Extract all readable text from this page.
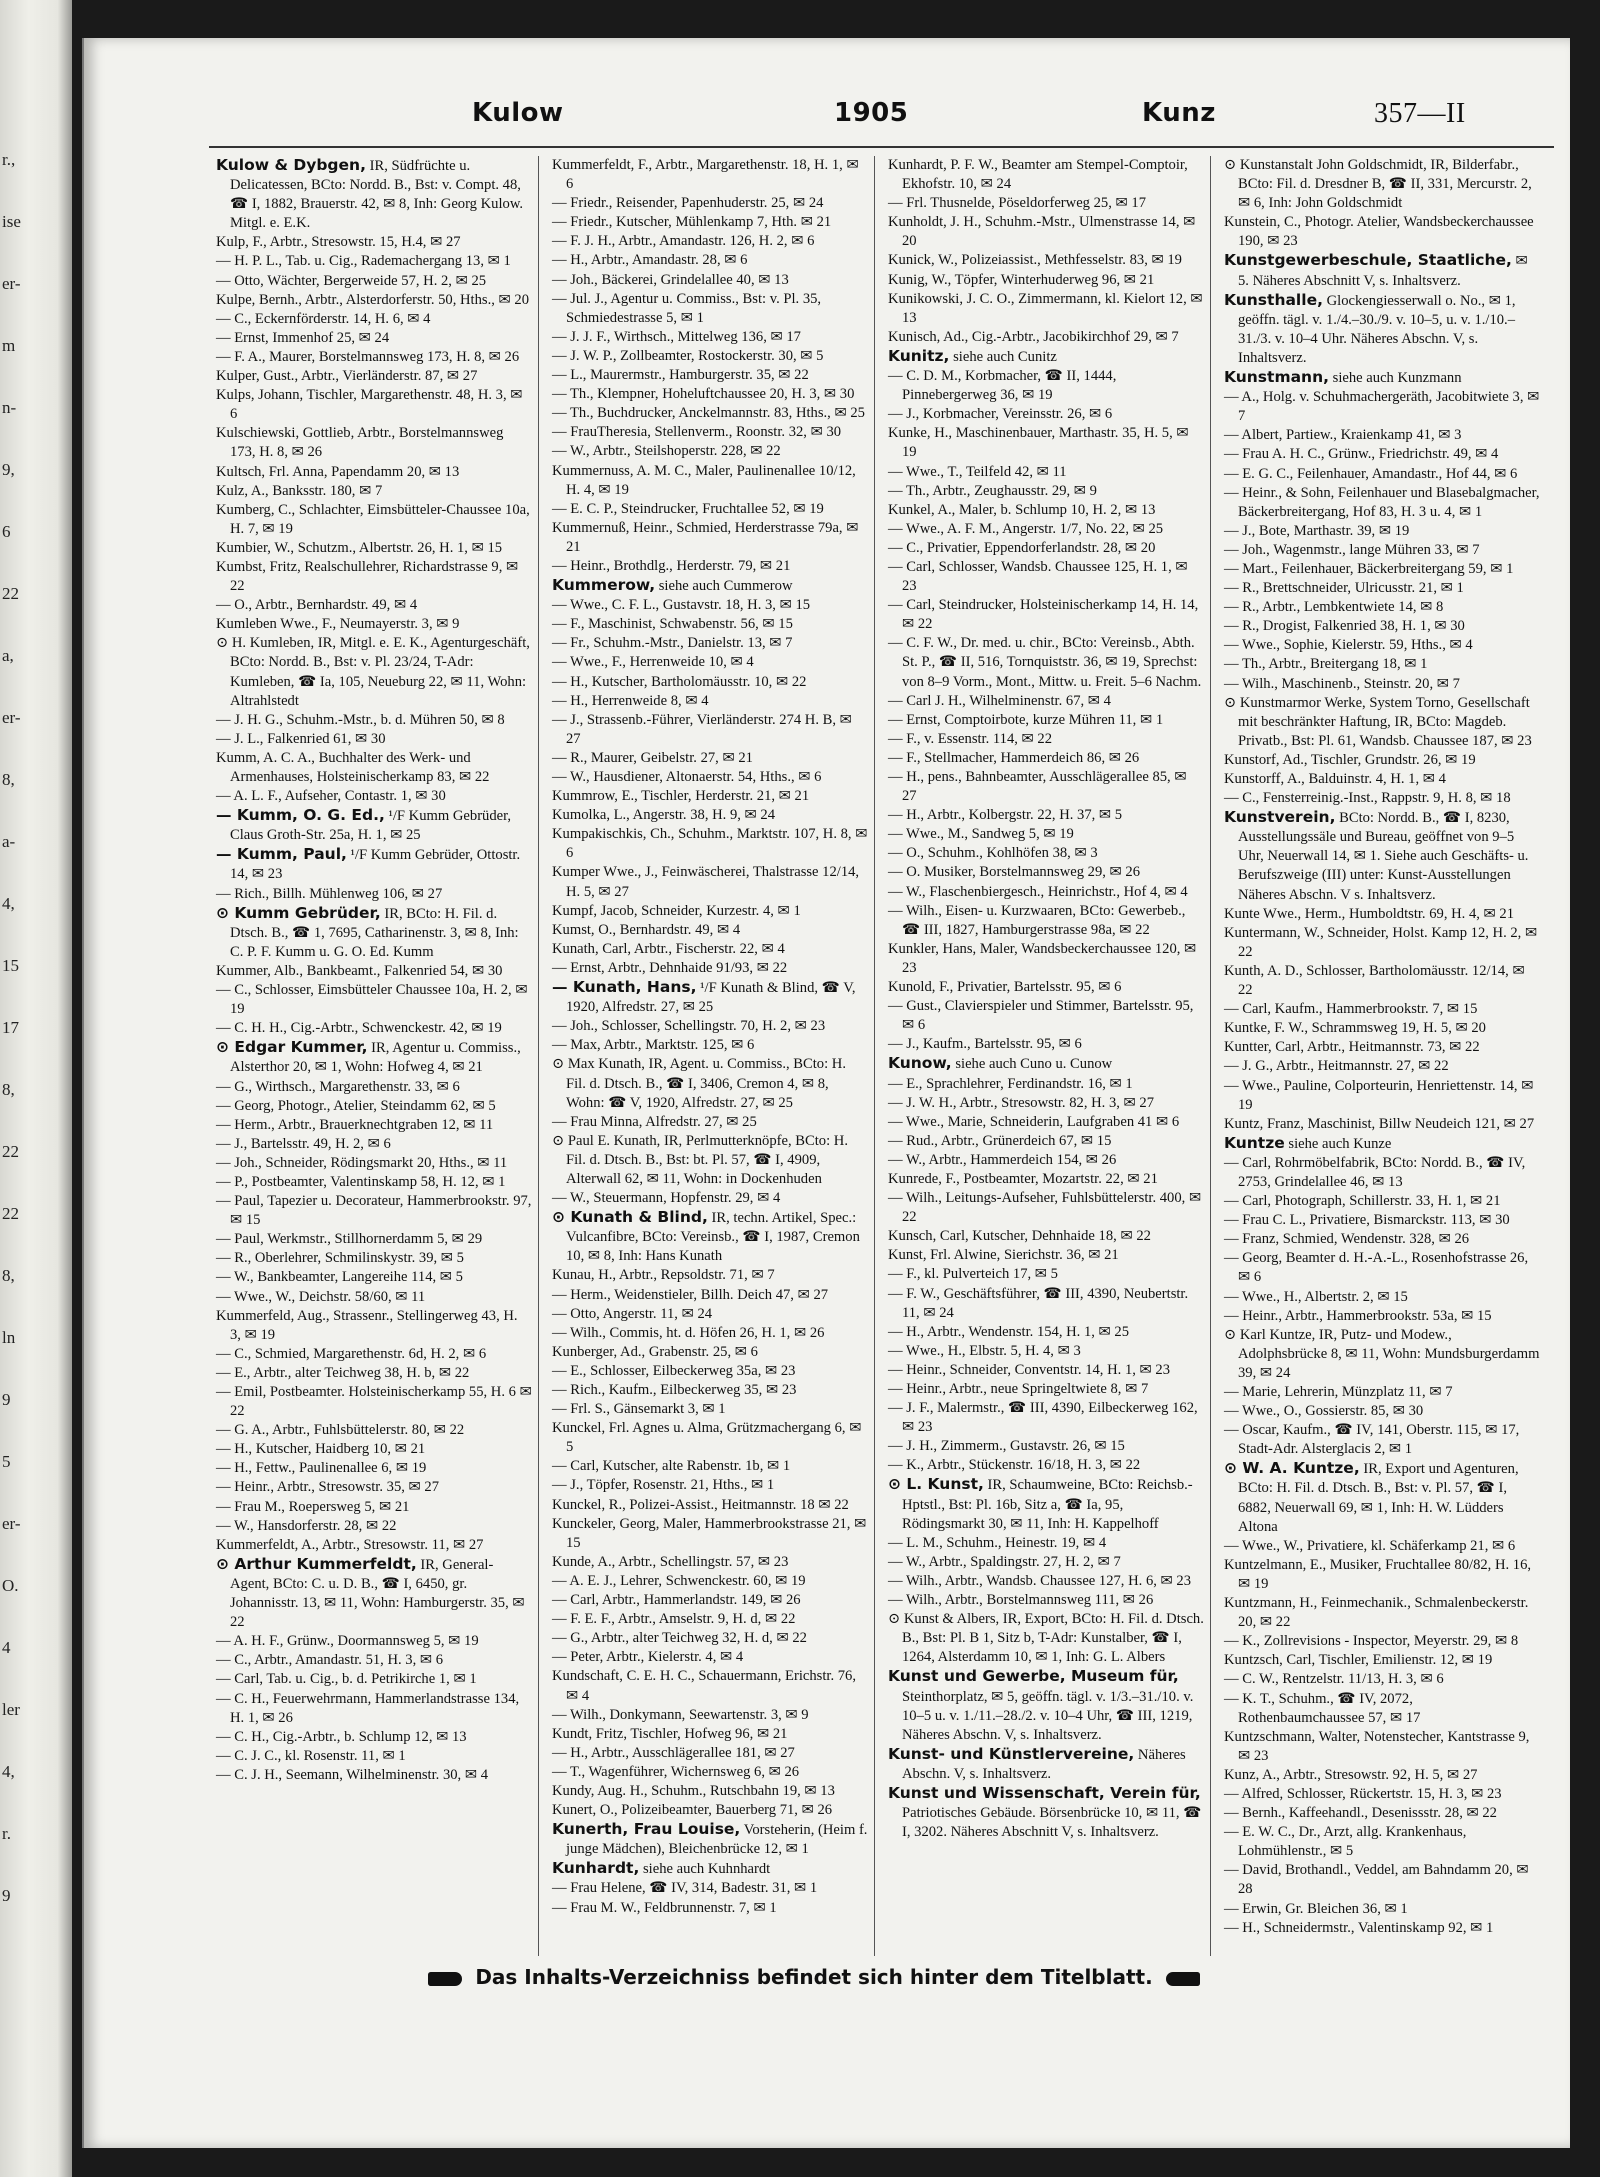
r.,
ise
er-
m
n-
9,
6
22
a,
er-
8,
a-
4,
15
17
8,
22
22
8,
ln
9
5
er-
O.
4
ler
4,
r.
9
Kulow	1905	Kunz	357—II

Kulow & Dybgen, IR, Südfrüchte u. Delicatessen, BCto: Nordd. B., Bst: v. Compt. 48, ☎ I, 1882, Brauerstr. 42, ✉ 8, Inh: Georg Kulow. Mitgl. e. E.K.

Kulp, F., Arbtr., Stresowstr. 15, H.4, ✉ 27

— H. P. L., Tab. u. Cig., Rademachergang 13, ✉ 1

— Otto, Wächter, Bergerweide 57, H. 2, ✉ 25

Kulpe, Bernh., Arbtr., Alsterdorferstr. 50, Hths., ✉ 20

— C., Eckernförderstr. 14, H. 6, ✉ 4

— Ernst, Immenhof 25, ✉ 24

— F. A., Maurer, Borstelmannsweg 173, H. 8, ✉ 26

Kulper, Gust., Arbtr., Vierländerstr. 87, ✉ 27

Kulps, Johann, Tischler, Margarethenstr. 48, H. 3, ✉ 6

Kulschiewski, Gottlieb, Arbtr., Borstelmannsweg 173, H. 8, ✉ 26

Kultsch, Frl. Anna, Papendamm 20, ✉ 13

Kulz, A., Banksstr. 180, ✉ 7

Kumberg, C., Schlachter, Eimsbütteler-Chaussee 10a, H. 7, ✉ 19

Kumbier, W., Schutzm., Albertstr. 26, H. 1, ✉ 15

Kumbst, Fritz, Realschullehrer, Richardstrasse 9, ✉ 22

— O., Arbtr., Bernhardstr. 49, ✉ 4

Kumleben Wwe., F., Neumayerstr. 3, ✉ 9

⊙ H. Kumleben, IR, Mitgl. e. E. K., Agenturgeschäft, BCto: Nordd. B., Bst: v. Pl. 23/24, T-Adr: Kumleben, ☎ Ia, 105, Neueburg 22, ✉ 11, Wohn: Altrahlstedt

— J. H. G., Schuhm.-Mstr., b. d. Mühren 50, ✉ 8

— J. L., Falkenried 61, ✉ 30

Kumm, A. C. A., Buchhalter des Werk- und Armenhauses, Holsteinischerkamp 83, ✉ 22

— A. L. F., Aufseher, Contastr. 1, ✉ 30

— Kumm, O. G. Ed., ¹/F Kumm Gebrüder, Claus Groth-Str. 25a, H. 1, ✉ 25

— Kumm, Paul, ¹/F Kumm Gebrüder, Ottostr. 14, ✉ 23

— Rich., Billh. Mühlenweg 106, ✉ 27

⊙ Kumm Gebrüder, IR, BCto: H. Fil. d. Dtsch. B., ☎ 1, 7695, Catharinenstr. 3, ✉ 8, Inh: C. P. F. Kumm u. G. O. Ed. Kumm

Kummer, Alb., Bankbeamt., Falkenried 54, ✉ 30

— C., Schlosser, Eimsbütteler Chaussee 10a, H. 2, ✉ 19

— C. H. H., Cig.-Arbtr., Schwenckestr. 42, ✉ 19

⊙ Edgar Kummer, IR, Agentur u. Commiss., Alsterthor 20, ✉ 1, Wohn: Hofweg 4, ✉ 21

— G., Wirthsch., Margarethenstr. 33, ✉ 6

— Georg, Photogr., Atelier, Steindamm 62, ✉ 5

— Herm., Arbtr., Brauerknechtgraben 12, ✉ 11

— J., Bartelsstr. 49, H. 2, ✉ 6

— Joh., Schneider, Rödingsmarkt 20, Hths., ✉ 11

— P., Postbeamter, Valentinskamp 58, H. 12, ✉ 1

— Paul, Tapezier u. Decorateur, Hammerbrookstr. 97, ✉ 15

— Paul, Werkmstr., Stillhornerdamm 5, ✉ 29

— R., Oberlehrer, Schmilinskystr. 39, ✉ 5

— W., Bankbeamter, Langereihe 114, ✉ 5

— Wwe., W., Deichstr. 58/60, ✉ 11

Kummerfeld, Aug., Strassenr., Stellingerweg 43, H. 3, ✉ 19

— C., Schmied, Margarethenstr. 6d, H. 2, ✉ 6

— E., Arbtr., alter Teichweg 38, H. b, ✉ 22

— Emil, Postbeamter. Holsteinischerkamp 55, H. 6 ✉ 22

— G. A., Arbtr., Fuhlsbüttelerstr. 80, ✉ 22

— H., Kutscher, Haidberg 10, ✉ 21

— H., Fettw., Paulinenallee 6, ✉ 19

— Heinr., Arbtr., Stresowstr. 35, ✉ 27

— Frau M., Roepersweg 5, ✉ 21

— W., Hansdorferstr. 28, ✉ 22

Kummerfeldt, A., Arbtr., Stresowstr. 11, ✉ 27

⊙ Arthur Kummerfeldt, IR, General-Agent, BCto: C. u. D. B., ☎ I, 6450, gr. Johannisstr. 13, ✉ 11, Wohn: Hamburgerstr. 35, ✉ 22

— A. H. F., Grünw., Doormannsweg 5, ✉ 19

— C., Arbtr., Amandastr. 51, H. 3, ✉ 6

— Carl, Tab. u. Cig., b. d. Petrikirche 1, ✉ 1

— C. H., Feuerwehrmann, Hammerlandstrasse 134, H. 1, ✉ 26

— C. H., Cig.-Arbtr., b. Schlump 12, ✉ 13

— C. J. C., kl. Rosenstr. 11, ✉ 1

— C. J. H., Seemann, Wilhelminenstr. 30, ✉ 4

Kummerfeldt, F., Arbtr., Margarethenstr. 18, H. 1, ✉ 6

— Friedr., Reisender, Papenhuderstr. 25, ✉ 24

— Friedr., Kutscher, Mühlenkamp 7, Hth. ✉ 21

— F. J. H., Arbtr., Amandastr. 126, H. 2, ✉ 6

— H., Arbtr., Amandastr. 28, ✉ 6

— Joh., Bäckerei, Grindelallee 40, ✉ 13

— Jul. J., Agentur u. Commiss., Bst: v. Pl. 35, Schmiedestrasse 5, ✉ 1

— J. J. F., Wirthsch., Mittelweg 136, ✉ 17

— J. W. P., Zollbeamter, Rostockerstr. 30, ✉ 5

— L., Maurermstr., Hamburgerstr. 35, ✉ 22

— Th., Klempner, Hoheluftchaussee 20, H. 3, ✉ 30

— Th., Buchdrucker, Anckelmannstr. 83, Hths., ✉ 25

— FrauTheresia, Stellenverm., Roonstr. 32, ✉ 30

— W., Arbtr., Steilshoperstr. 228, ✉ 22

Kummernuss, A. M. C., Maler, Paulinenallee 10/12, H. 4, ✉ 19

— E. C. P., Steindrucker, Fruchtallee 52, ✉ 19

Kummernuß, Heinr., Schmied, Herderstrasse 79a, ✉ 21

— Heinr., Brothdlg., Herderstr. 79, ✉ 21

Kummerow, siehe auch Cummerow

— Wwe., C. F. L., Gustavstr. 18, H. 3, ✉ 15

— F., Maschinist, Schwabenstr. 56, ✉ 15

— Fr., Schuhm.-Mstr., Danielstr. 13, ✉ 7

— Wwe., F., Herrenweide 10, ✉ 4

— H., Kutscher, Bartholomäusstr. 10, ✉ 22

— H., Herrenweide 8, ✉ 4

— J., Strassenb.-Führer, Vierländerstr. 274 H. B, ✉ 27

— R., Maurer, Geibelstr. 27, ✉ 21

— W., Hausdiener, Altonaerstr. 54, Hths., ✉ 6

Kummrow, E., Tischler, Herderstr. 21, ✉ 21

Kumolka, L., Angerstr. 38, H. 9, ✉ 24

Kumpakischkis, Ch., Schuhm., Marktstr. 107, H. 8, ✉ 6

Kumper Wwe., J., Feinwäscherei, Thalstrasse 12/14, H. 5, ✉ 27

Kumpf, Jacob, Schneider, Kurzestr. 4, ✉ 1

Kumst, O., Bernhardstr. 49, ✉ 4

Kunath, Carl, Arbtr., Fischerstr. 22, ✉ 4

— Ernst, Arbtr., Dehnhaide 91/93, ✉ 22

— Kunath, Hans, ¹/F Kunath & Blind, ☎ V, 1920, Alfredstr. 27, ✉ 25

— Joh., Schlosser, Schellingstr. 70, H. 2, ✉ 23

— Max, Arbtr., Marktstr. 125, ✉ 6

⊙ Max Kunath, IR, Agent. u. Commiss., BCto: H. Fil. d. Dtsch. B., ☎ I, 3406, Cremon 4, ✉ 8, Wohn: ☎ V, 1920, Alfredstr. 27, ✉ 25

— Frau Minna, Alfredstr. 27, ✉ 25

⊙ Paul E. Kunath, IR, Perlmutterknöpfe, BCto: H. Fil. d. Dtsch. B., Bst: bt. Pl. 57, ☎ I, 4909, Alterwall 62, ✉ 11, Wohn: in Dockenhuden

— W., Steuermann, Hopfenstr. 29, ✉ 4

⊙ Kunath & Blind, IR, techn. Artikel, Spec.: Vulcanfibre, BCto: Vereinsb., ☎ I, 1987, Cremon 10, ✉ 8, Inh: Hans Kunath

Kunau, H., Arbtr., Repsoldstr. 71, ✉ 7

— Herm., Weidenstieler, Billh. Deich 47, ✉ 27

— Otto, Angerstr. 11, ✉ 24

— Wilh., Commis, ht. d. Höfen 26, H. 1, ✉ 26

Kunberger, Ad., Grabenstr. 25, ✉ 6

— E., Schlosser, Eilbeckerweg 35a, ✉ 23

— Rich., Kaufm., Eilbeckerweg 35, ✉ 23

— Frl. S., Gänsemarkt 3, ✉ 1

Kunckel, Frl. Agnes u. Alma, Grützmachergang 6, ✉ 5

— Carl, Kutscher, alte Rabenstr. 1b, ✉ 1

— J., Töpfer, Rosenstr. 21, Hths., ✉ 1

Kunckel, R., Polizei-Assist., Heitmannstr. 18 ✉ 22

Kunckeler, Georg, Maler, Hammerbrookstrasse 21, ✉ 15

Kunde, A., Arbtr., Schellingstr. 57, ✉ 23

— A. E. J., Lehrer, Schwenckestr. 60, ✉ 19

— Carl, Arbtr., Hammerlandstr. 149, ✉ 26

— F. E. F., Arbtr., Amselstr. 9, H. d, ✉ 22

— G., Arbtr., alter Teichweg 32, H. d, ✉ 22

— Peter, Arbtr., Kielerstr. 4, ✉ 4

Kundschaft, C. E. H. C., Schauermann, Erichstr. 76, ✉ 4

— Wilh., Donkymann, Seewartenstr. 3, ✉ 9

Kundt, Fritz, Tischler, Hofweg 96, ✉ 21

— H., Arbtr., Ausschlägerallee 181, ✉ 27

— T., Wagenführer, Wichernsweg 6, ✉ 26

Kundy, Aug. H., Schuhm., Rutschbahn 19, ✉ 13

Kunert, O., Polizeibeamter, Bauerberg 71, ✉ 26

Kunerth, Frau Louise, Vorsteherin, (Heim f. junge Mädchen), Bleichenbrücke 12, ✉ 1

Kunhardt, siehe auch Kuhnhardt

— Frau Helene, ☎ IV, 314, Badestr. 31, ✉ 1

— Frau M. W., Feldbrunnenstr. 7, ✉ 1

Kunhardt, P. F. W., Beamter am Stempel-Comptoir, Ekhofstr. 10, ✉ 24

— Frl. Thusnelde, Pöseldorferweg 25, ✉ 17

Kunholdt, J. H., Schuhm.-Mstr., Ulmenstrasse 14, ✉ 20

Kunick, W., Polizeiassist., Methfesselstr. 83, ✉ 19

Kunig, W., Töpfer, Winterhuderweg 96, ✉ 21

Kunikowski, J. C. O., Zimmermann, kl. Kielort 12, ✉ 13

Kunisch, Ad., Cig.-Arbtr., Jacobikirchhof 29, ✉ 7

Kunitz, siehe auch Cunitz

— C. D. M., Korbmacher, ☎ II, 1444, Pinnebergerweg 36, ✉ 19

— J., Korbmacher, Vereinsstr. 26, ✉ 6

Kunke, H., Maschinenbauer, Marthastr. 35, H. 5, ✉ 19

— Wwe., T., Teilfeld 42, ✉ 11

— Th., Arbtr., Zeughausstr. 29, ✉ 9

Kunkel, A., Maler, b. Schlump 10, H. 2, ✉ 13

— Wwe., A. F. M., Angerstr. 1/7, No. 22, ✉ 25

— C., Privatier, Eppendorferlandstr. 28, ✉ 20

— Carl, Schlosser, Wandsb. Chaussee 125, H. 1, ✉ 23

— Carl, Steindrucker, Holsteinischerkamp 14, H. 14, ✉ 22

— C. F. W., Dr. med. u. chir., BCto: Vereinsb., Abth. St. P., ☎ II, 516, Tornquiststr. 36, ✉ 19, Sprechst: von 8–9 Vorm., Mont., Mittw. u. Freit. 5–6 Nachm.

— Carl J. H., Wilhelminenstr. 67, ✉ 4

— Ernst, Comptoirbote, kurze Mühren 11, ✉ 1

— F., v. Essenstr. 114, ✉ 22

— F., Stellmacher, Hammerdeich 86, ✉ 26

— H., pens., Bahnbeamter, Ausschlägerallee 85, ✉ 27

— H., Arbtr., Kolbergstr. 22, H. 37, ✉ 5

— Wwe., M., Sandweg 5, ✉ 19

— O., Schuhm., Kohlhöfen 38, ✉ 3

— O. Musiker, Borstelmannsweg 29, ✉ 26

— W., Flaschenbiergesch., Heinrichstr., Hof 4, ✉ 4

— Wilh., Eisen- u. Kurzwaaren, BCto: Gewerbeb., ☎ III, 1827, Hamburgerstrasse 98a, ✉ 22

Kunkler, Hans, Maler, Wandsbeckerchaussee 120, ✉ 23

Kunold, F., Privatier, Bartelsstr. 95, ✉ 6

— Gust., Clavierspieler und Stimmer, Bartelsstr. 95, ✉ 6

— J., Kaufm., Bartelsstr. 95, ✉ 6

Kunow, siehe auch Cuno u. Cunow

— E., Sprachlehrer, Ferdinandstr. 16, ✉ 1

— J. W. H., Arbtr., Stresowstr. 82, H. 3, ✉ 27

— Wwe., Marie, Schneiderin, Laufgraben 41 ✉ 6

— Rud., Arbtr., Grünerdeich 67, ✉ 15

— W., Arbtr., Hammerdeich 154, ✉ 26

Kunrede, F., Postbeamter, Mozartstr. 22, ✉ 21

— Wilh., Leitungs-Aufseher, Fuhlsbüttelerstr. 400, ✉ 22

Kunsch, Carl, Kutscher, Dehnhaide 18, ✉ 22

Kunst, Frl. Alwine, Sierichstr. 36, ✉ 21

— F., kl. Pulverteich 17, ✉ 5

— F. W., Geschäftsführer, ☎ III, 4390, Neubertstr. 11, ✉ 24

— H., Arbtr., Wendenstr. 154, H. 1, ✉ 25

— Wwe., H., Elbstr. 5, H. 4, ✉ 3

— Heinr., Schneider, Conventstr. 14, H. 1, ✉ 23

— Heinr., Arbtr., neue Springeltwiete 8, ✉ 7

— J. F., Malermstr., ☎ III, 4390, Eilbeckerweg 162, ✉ 23

— J. H., Zimmerm., Gustavstr. 26, ✉ 15

— K., Arbtr., Stückenstr. 16/18, H. 3, ✉ 22

⊙ L. Kunst, IR, Schaumweine, BCto: Reichsb.-Hptstl., Bst: Pl. 16b, Sitz a, ☎ Ia, 95, Rödingsmarkt 30, ✉ 11, Inh: H. Kappelhoff

— L. M., Schuhm., Heinestr. 19, ✉ 4

— W., Arbtr., Spaldingstr. 27, H. 2, ✉ 7

— Wilh., Arbtr., Wandsb. Chaussee 127, H. 6, ✉ 23

— Wilh., Arbtr., Borstelmannsweg 111, ✉ 26

⊙ Kunst & Albers, IR, Export, BCto: H. Fil. d. Dtsch. B., Bst: Pl. B 1, Sitz b, T-Adr: Kunstalber, ☎ I, 1264, Alsterdamm 10, ✉ 1, Inh: G. L. Albers

Kunst und Gewerbe, Museum für, Steinthorplatz, ✉ 5, geöffn. tägl. v. 1/3.–31./10. v. 10–5 u. v. 1./11.–28./2. v. 10–4 Uhr, ☎ III, 1219, Näheres Abschn. V, s. Inhaltsverz.

Kunst- und Künstlervereine, Näheres Abschn. V, s. Inhaltsverz.

Kunst und Wissenschaft, Verein für, Patriotisches Gebäude. Börsenbrücke 10, ✉ 11, ☎ I, 3202. Näheres Abschnitt V, s. Inhaltsverz.

⊙ Kunstanstalt John Goldschmidt, IR, Bilderfabr., BCto: Fil. d. Dresdner B, ☎ II, 331, Mercurstr. 2, ✉ 6, Inh: John Goldschmidt

Kunstein, C., Photogr. Atelier, Wandsbeckerchaussee 190, ✉ 23

Kunstgewerbeschule, Staatliche, ✉ 5. Näheres Abschnitt V, s. Inhaltsverz.

Kunsthalle, Glockengiesserwall o. No., ✉ 1, geöffn. tägl. v. 1./4.–30./9. v. 10–5, u. v. 1./10.–31./3. v. 10–4 Uhr. Näheres Abschn. V, s. Inhaltsverz.

Kunstmann, siehe auch Kunzmann

— A., Holg. v. Schuhmachergeräth, Jacobitwiete 3, ✉ 7

— Albert, Partiew., Kraienkamp 41, ✉ 3

— Frau A. H. C., Grünw., Friedrichstr. 49, ✉ 4

— E. G. C., Feilenhauer, Amandastr., Hof 44, ✉ 6

— Heinr., & Sohn, Feilenhauer und Blasebalgmacher, Bäckerbreitergang, Hof 83, H. 3 u. 4, ✉ 1

— J., Bote, Marthastr. 39, ✉ 19

— Joh., Wagenmstr., lange Mühren 33, ✉ 7

— Mart., Feilenhauer, Bäckerbreitergang 59, ✉ 1

— R., Brettschneider, Ulricusstr. 21, ✉ 1

— R., Arbtr., Lembkentwiete 14, ✉ 8

— R., Drogist, Falkenried 38, H. 1, ✉ 30

— Wwe., Sophie, Kielerstr. 59, Hths., ✉ 4

— Th., Arbtr., Breitergang 18, ✉ 1

— Wilh., Maschinenb., Steinstr. 20, ✉ 7

⊙ Kunstmarmor Werke, System Torno, Gesellschaft mit beschränkter Haftung, IR, BCto: Magdeb. Privatb., Bst: Pl. 61, Wandsb. Chaussee 187, ✉ 23

Kunstorf, Ad., Tischler, Grundstr. 26, ✉ 19

Kunstorff, A., Balduinstr. 4, H. 1, ✉ 4

— C., Fensterreinig.-Inst., Rappstr. 9, H. 8, ✉ 18

Kunstverein, BCto: Nordd. B., ☎ I, 8230, Ausstellungssäle und Bureau, geöffnet von 9–5 Uhr, Neuerwall 14, ✉ 1. Siehe auch Geschäfts- u. Berufszweige (III) unter: Kunst-Ausstellungen Näheres Abschn. V s. Inhaltsverz.

Kunte Wwe., Herm., Humboldtstr. 69, H. 4, ✉ 21

Kuntermann, W., Schneider, Holst. Kamp 12, H. 2, ✉ 22

Kunth, A. D., Schlosser, Bartholomäusstr. 12/14, ✉ 22

— Carl, Kaufm., Hammerbrookstr. 7, ✉ 15

Kuntke, F. W., Schrammsweg 19, H. 5, ✉ 20

Kuntter, Carl, Arbtr., Heitmannstr. 73, ✉ 22

— J. G., Arbtr., Heitmannstr. 27, ✉ 22

— Wwe., Pauline, Colporteurin, Henriettenstr. 14, ✉ 19

Kuntz, Franz, Maschinist, Billw Neudeich 121, ✉ 27

Kuntze siehe auch Kunze

— Carl, Rohrmöbelfabrik, BCto: Nordd. B., ☎ IV, 2753, Grindelallee 46, ✉ 13

— Carl, Photograph, Schillerstr. 33, H. 1, ✉ 21

— Frau C. L., Privatiere, Bismarckstr. 113, ✉ 30

— Franz, Schmied, Wendenstr. 328, ✉ 26

— Georg, Beamter d. H.-A.-L., Rosenhofstrasse 26, ✉ 6

— Wwe., H., Albertstr. 2, ✉ 15

— Heinr., Arbtr., Hammerbrookstr. 53a, ✉ 15

⊙ Karl Kuntze, IR, Putz- und Modew., Adolphsbrücke 8, ✉ 11, Wohn: Mundsburgerdamm 39, ✉ 24

— Marie, Lehrerin, Münzplatz 11, ✉ 7

— Wwe., O., Gossierstr. 85, ✉ 30

— Oscar, Kaufm., ☎ IV, 141, Oberstr. 115, ✉ 17, Stadt-Adr. Alsterglacis 2, ✉ 1

⊙ W. A. Kuntze, IR, Export und Agenturen, BCto: H. Fil. d. Dtsch. B., Bst: v. Pl. 57, ☎ I, 6882, Neuerwall 69, ✉ 1, Inh: H. W. Lüdders Altona

— Wwe., W., Privatiere, kl. Schäferkamp 21, ✉ 6

Kuntzelmann, E., Musiker, Fruchtallee 80/82, H. 16, ✉ 19

Kuntzmann, H., Feinmechanik., Schmalenbeckerstr. 20, ✉ 22

— K., Zollrevisions - Inspector, Meyerstr. 29, ✉ 8

Kuntzsch, Carl, Tischler, Emilienstr. 12, ✉ 19

— C. W., Rentzelstr. 11/13, H. 3, ✉ 6

— K. T., Schuhm., ☎ IV, 2072, Rothenbaumchaussee 57, ✉ 17

Kuntzschmann, Walter, Notenstecher, Kantstrasse 9, ✉ 23

Kunz, A., Arbtr., Stresowstr. 92, H. 5, ✉ 27

— Alfred, Schlosser, Rückertstr. 15, H. 3, ✉ 23

— Bernh., Kaffeehandl., Desenissstr. 28, ✉ 22

— E. W. C., Dr., Arzt, allg. Krankenhaus, Lohmühlenstr., ✉ 5

— David, Brothandl., Veddel, am Bahndamm 20, ✉ 28

— Erwin, Gr. Bleichen 36, ✉ 1

— H., Schneidermstr., Valentinskamp 92, ✉ 1

Das Inhalts-Verzeichniss befindet sich hinter dem Titelblatt.
